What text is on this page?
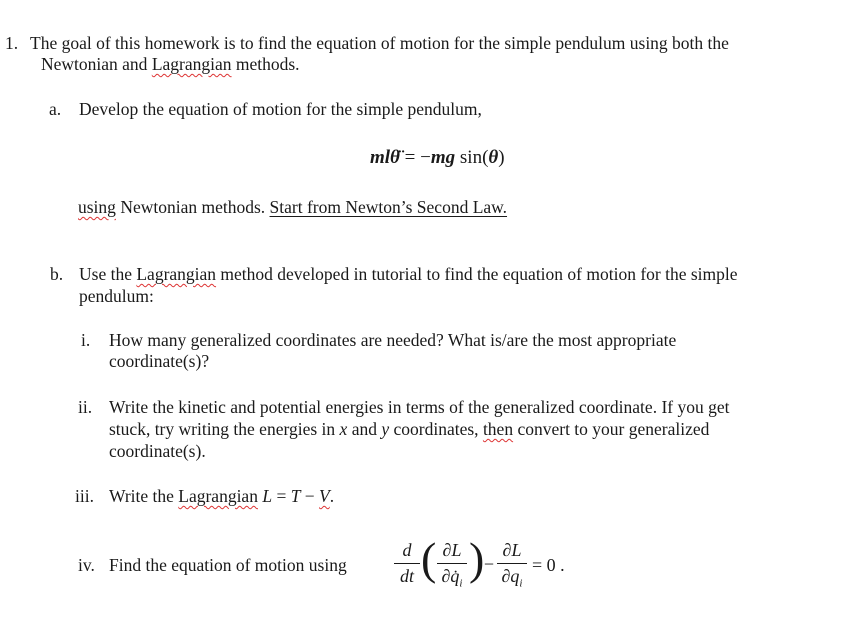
1. The goal of this homework is to find the equation of motion for the simple pendulum using both the
Newtonian and Lagrangian methods.
a. Develop the equation of motion for the simple pendulum,
mlθ̈ = −mg sin(θ)
using Newtonian methods. Start from Newton’s Second Law.
b. Use the Lagrangian method developed in tutorial to find the equation of motion for the simple
pendulum:
i. How many generalized coordinates are needed? What is/are the most appropriate
coordinate(s)?
ii. Write the kinetic and potential energies in terms of the generalized coordinate. If you get
stuck, try writing the energies in x and y coordinates, then convert to your generalized
coordinate(s).
iii. Write the Lagrangian L = T − V.
iv. Find the equation of motion using
d
dt ( ∂L
$\partial q̇_i$ ) −
∂L
$\partial q_i$
= 0 .
